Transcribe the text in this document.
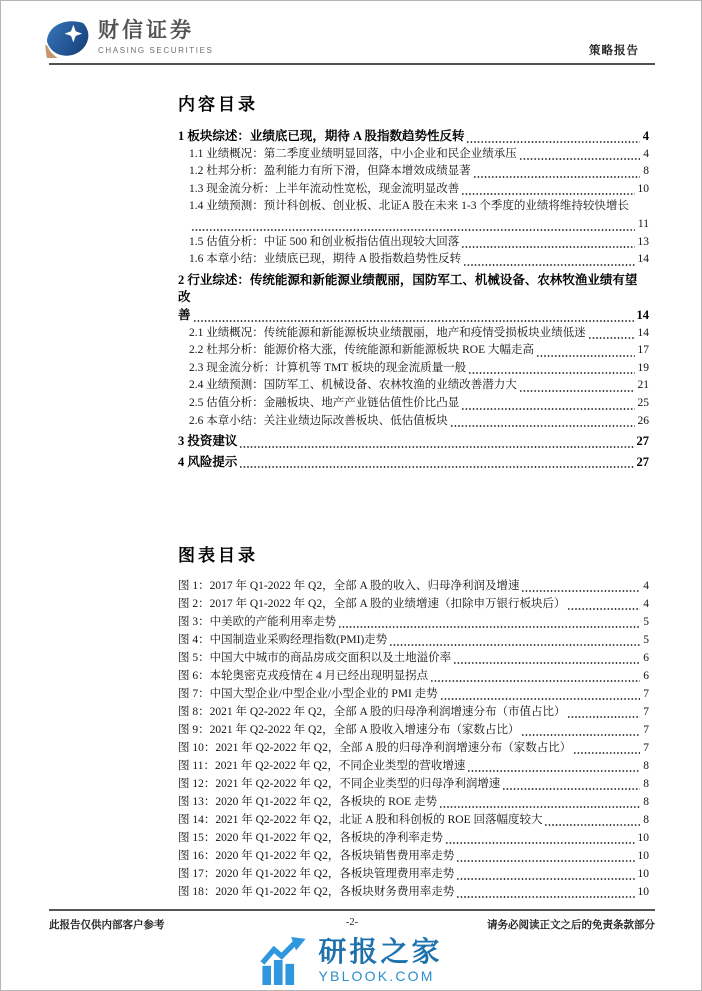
财信证券
CHASING SECURITIES	策略报告
内容目录
1 板块综述：业绩底已现，期待 A 股指数趋势性反转	4
1.1 业绩概况：第二季度业绩明显回落，中小企业和民企业绩承压	4
1.2 杜邦分析：盈利能力有所下滑，但降本增效成绩显著	8
1.3 现金流分析：上半年流动性宽松，现金流明显改善	10
1.4 业绩预测：预计科创板、创业板、北证A 股在未来 1-3 个季度的业绩将维持较快增长
11
1.5 估值分析：中证 500 和创业板指估值出现较大回落	13
1.6 本章小结：业绩底已现，期待 A 股指数趋势性反转	14
2 行业综述：传统能源和新能源业绩靓丽，国防军工、机械设备、农林牧渔业绩有望改
善	14
2.1 业绩概况：传统能源和新能源板块业绩靓丽，地产和疫情受损板块业绩低迷	14
2.2 杜邦分析：能源价格大涨，传统能源和新能源板块 ROE 大幅走高	17
2.3 现金流分析：计算机等 TMT 板块的现金流质量一般	19
2.4 业绩预测：国防军工、机械设备、农林牧渔的业绩改善潜力大	21
2.5 估值分析：金融板块、地产产业链估值性价比凸显	25
2.6 本章小结：关注业绩边际改善板块、低估值板块	26
3 投资建议	27
4 风险提示	27
图表目录
图 1：2017 年 Q1-2022 年 Q2，全部 A 股的收入、归母净利润及增速	4
图 2：2017 年 Q1-2022 年 Q2，全部 A 股的业绩增速（扣除申万银行板块后）	4
图 3：中美欧的产能利用率走势	5
图 4：中国制造业采购经理指数(PMI)走势	5
图 5：中国大中城市的商品房成交面积以及土地溢价率	6
图 6：本轮奥密克戎疫情在 4 月已经出现明显拐点	6
图 7：中国大型企业/中型企业/小型企业的 PMI 走势	7
图 8：2021 年 Q2-2022 年 Q2，全部 A 股的归母净利润增速分布（市值占比）	7
图 9：2021 年 Q2-2022 年 Q2，全部 A 股收入增速分布（家数占比）	7
图 10：2021 年 Q2-2022 年 Q2，全部 A 股的归母净利润增速分布（家数占比）	7
图 11：2021 年 Q2-2022 年 Q2，不同企业类型的营收增速	8
图 12：2021 年 Q2-2022 年 Q2，不同企业类型的归母净利润增速	8
图 13：2020 年 Q1-2022 年 Q2，各板块的 ROE 走势	8
图 14：2021 年 Q2-2022 年 Q2，北证 A 股和科创板的 ROE 回落幅度较大	8
图 15：2020 年 Q1-2022 年 Q2，各板块的净利率走势	10
图 16：2020 年 Q1-2022 年 Q2，各板块销售费用率走势	10
图 17：2020 年 Q1-2022 年 Q2，各板块管理费用率走势	10
图 18：2020 年 Q1-2022 年 Q2，各板块财务费用率走势	10
此报告仅供内部客户参考	-2-	请务必阅读正文之后的免责条款部分
研报之家
YBLOOK.COM
